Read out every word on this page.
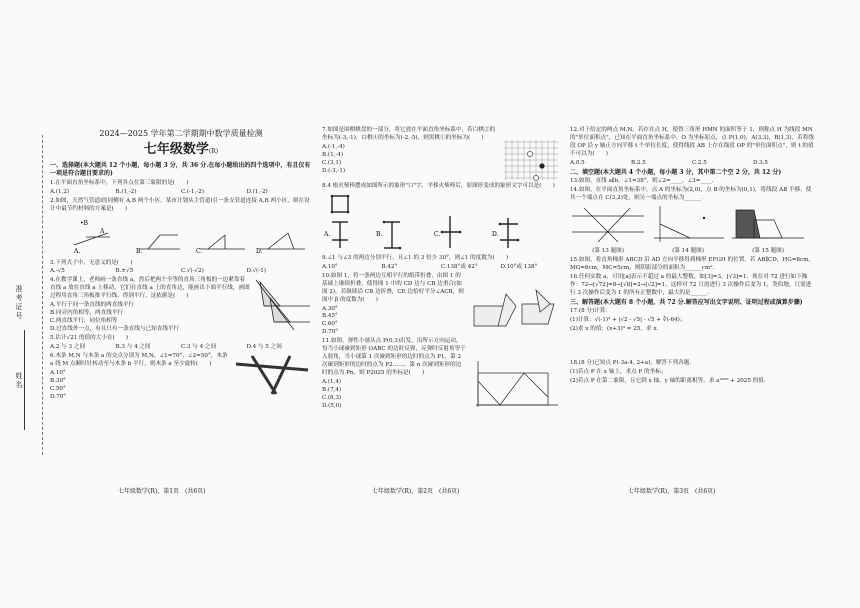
准考证号
姓名
2024—2025 学年第二学期期中数学质量检测
七年级数学(R)
一、选择题(本大题共 12 个小题，每小题 3 分，共 36 分.在每小题给出的四个选项中，有且仅有一项是符合题目要求的)
1.在平面直角坐标系中，下列各点在第三象限的是(　　)
A.(1,2)	B.(1,-2)	C.(-1,-2)	D.(1,-2)
2.如图，天然气管道l的同侧有 A,B 两个小区，某市计划从主管道l引一条支管道连接 A,B 两小区，则在设计中最节约材料的方案是(　　)
•B
A
A.	B.	C.	D.
3.下列式子中，无意义的是(　　)
A.-√5	B.±√5	C.√(-√2)	D.√(-1)
4.在教学课上，老师画一条直线 a，然后把两个全等的直角三角板的一边紧靠着直线 a 放在直线 a 上移动，它们在直线 a 上的直角边，能画出下面平行线，画图过程用直角三角板推平行线，得到平行，这依据是(　　)
A.平行于同一条直线的两直线平行
B.同旁内角相等，两直线平行
C.两直线平行，同位角相等
D.过直线外一点，有且只有一条直线与已知直线平行
5.估计√21 的值的大小在(　　)
A.2 与 3 之间	B.3 与 4 之间	C.3 与 4 之间	D.4 与 5 之间
6.木条 M,N 与木条 a 的交点分别为 M,N，∠1=70°，∠2=50°，木条 a 绕 M 点顺时针转动至与木条 b 平行，则木条 a 至少旋转(　　)
A.10°
B.30°
C.50°
D.70°
七年级数学(R)，第1页　(共6页)
7.如图是围棋棋盘的一部分，将它放在平面直角坐标系中，若白棋②的坐标为(-3,-1)，白棋④的坐标为(-2,-5)，则黑棋①的坐标为(　　)
A.(-1,-4)
B.(1,-4)
C.(3,1)
D.(-3,-1)
8.4 根火柴棒摆成如图所示的象形"口"字，平移火柴棒后，原图形变成的象形文字可以是(　　)
A.	B.	C.	D.
9.∠1 与∠3 的两边分别平行，且∠1 的 3 倍少 30°，则∠1 的度数为(　　)
A.10°	B.42°	C.138°或 42°	D.10°或 138°
10.如图 1，将一条两边互相平行的纸带折叠，由图 1 的基础上继续折叠，使得图 1 中的 CD 边与 CB 边重合(如图 2)，若继续沿 CB 边折叠，CE 边恰好平分∠ACB，则图中 β 的度数为(　　)
A.30°
B.45°
C.60°
D.70°
11.如图，弹性小球从点 P(0,3)出发，沿所示方向运动，每当小球碰到矩形 OABC 的边时反弹，反弹时反射角等于入射角，当小球第 1 次碰到矩形的边时的点为 P1，第 2 次碰到矩形的边时的点为 P2……，第 n 次碰到矩形的边时的点为 Pn，则 P2025 的坐标是(　　)
A.(1,4)
B.(7,4)
C.(8,3)
D.(5,0)
七年级数学(R)，第2页　(共6页)
12.对于给定的两点 M,N，若存在点 H，使得三角形 HMN 的面积等于 1，则称点 H 为线段 MN 的"单位面积点"，已知在平面直角坐标系中，O 为坐标原点，点 P(1,0)，A(3,3)，B(1,3)，若将线段 OP 沿 y 轴正方向平移 t 个单位长度，使得线段 AB 上存在线段 OP 的"单位面积点"，则 t 的值不可以为(　　)
A.0.5	B.2.5	C.2.5	D.3.5
二、填空题(本大题共 4 个小题，每小题 3 分，其中第二个空 2 分，共 12 分)
13.如图，直线 a∥b，∠1=38°，则∠2=____，∠3=____.
14.如图，在平面直角坐标系中，点 A 的坐标为(2,0)，点 B 的坐标为(0,1)，将线段 AB 平移，使其一个端点在 C(3,2)处，则另一端点的坐标为______.
(第 13 题图)	(第 14 题图)	(第 15 题图)
15.如图，将直角梯形 ABCD 沿 AD 方向平移得到梯形 EFGH 的位置，若 AB∥CD，HG=8cm，MG=6cm，MC=5cm，则阴影部分的面积为______cm².
16.任何实数 a，可用[a]表示不超过 a 的最大整数，如[3]=3，[√3]=1，现在对 72 进行如下操作：72→[√72]=8→[√8]=2→[√2]=1，这样对 72 只需进行 3 次操作后变为 1，类似地，只需进行 3 次操作后变为 1 的所有正整数中，最大的是______.
三、解答题(本大题有 8 个小题，共 72 分.解答应写出文字说明、证明过程或演算步骤)
17.(8 分)计算：
(1)计算：√(-1)² + |√2 - √5| - √5 + ∛(-64)；
(2)求 x 的值：(x+3)³ = 25，求 x.
18.(8 分)已知点 P(-3a-4, 2+a)，解答下列各题.
(1)若点 P 在 x 轴上，求点 P 的坐标；
(2)若点 P 在第二象限，且它到 x 轴、y 轴的距离相等，求 a²⁰²⁵ + 2025 的值.
七年级数学(R)，第3页　(共6页)
